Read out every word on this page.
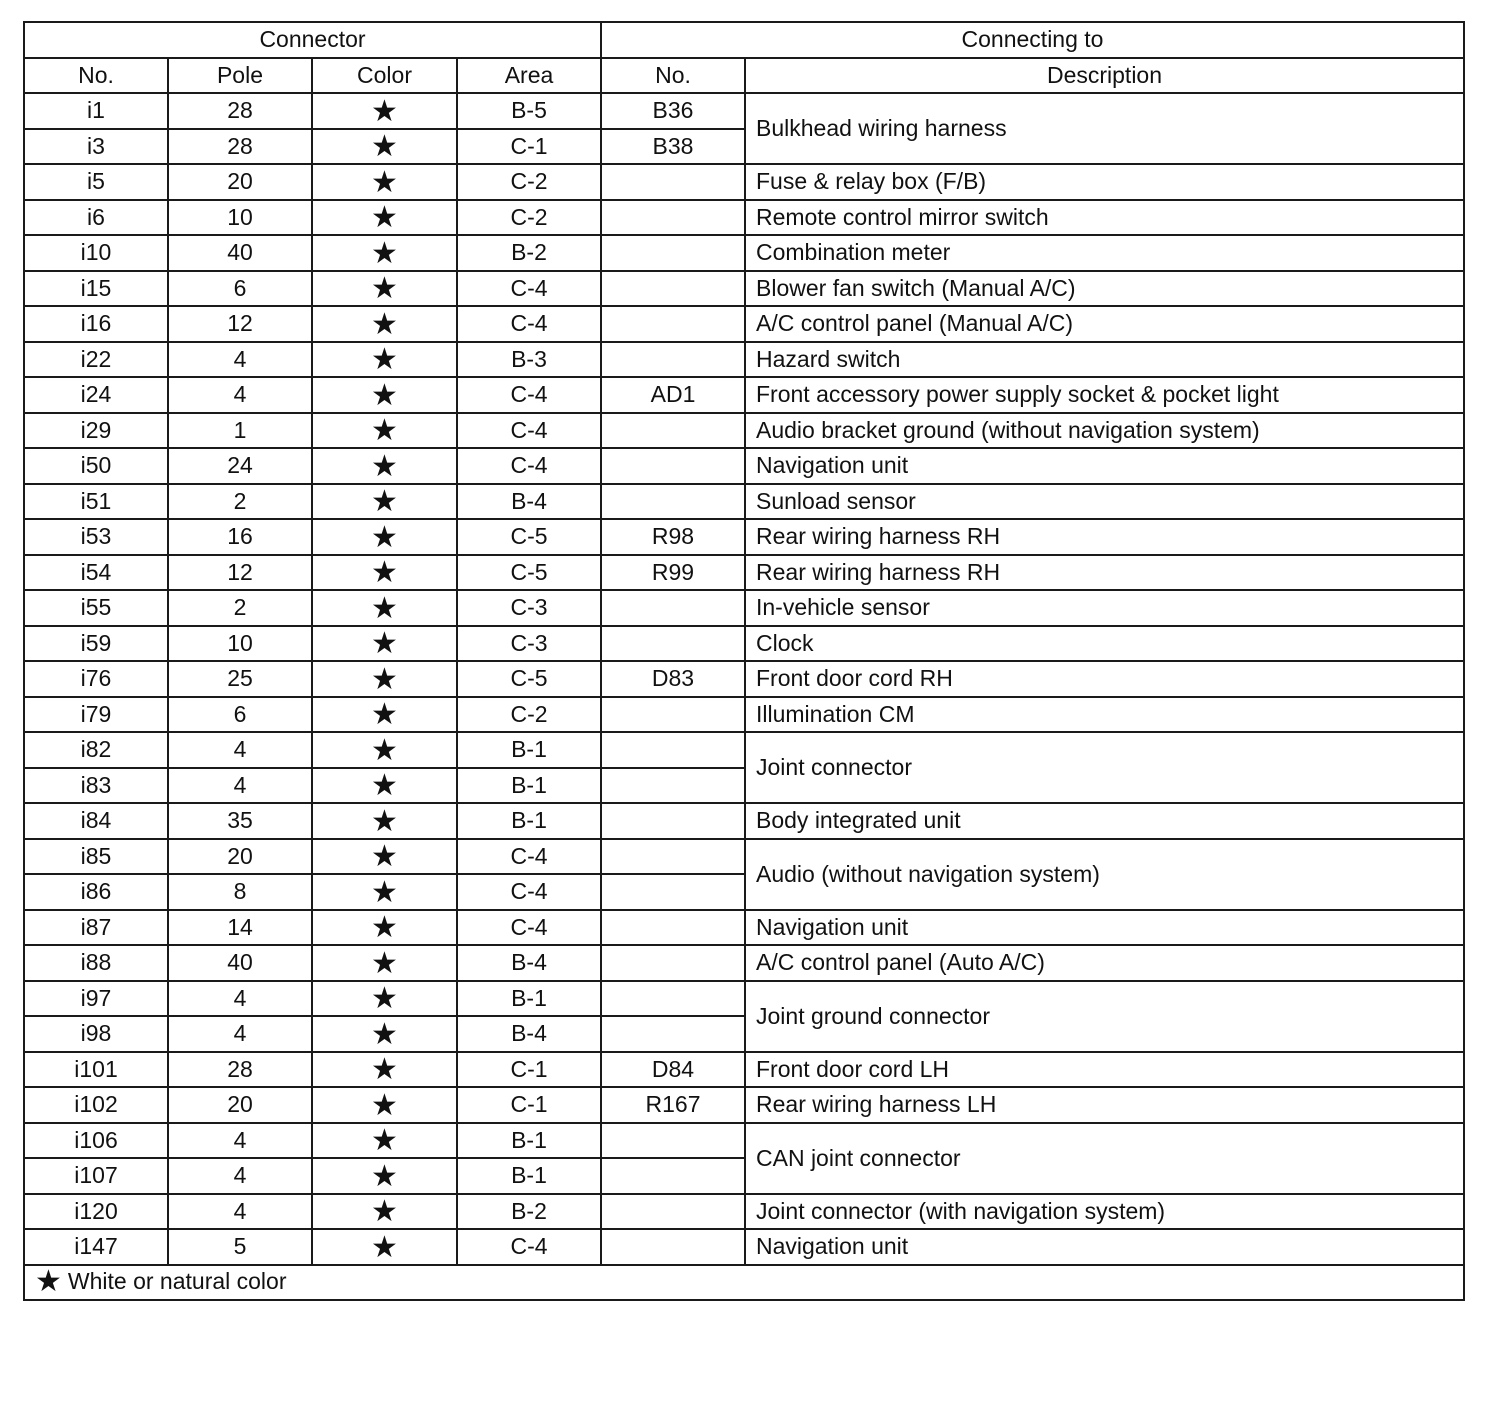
Connector				Connecting to	
No.	Pole	Color	Area	No.	Description
i1	28	★	B-5	B36	Bulkhead wiring harness
i3	28	★	C-1	B38	
i5	20	★	C-2		Fuse & relay box (F/B)
i6	10	★	C-2		Remote control mirror switch
i10	40	★	B-2		Combination meter
i15	6	★	C-4		Blower fan switch (Manual A/C)
i16	12	★	C-4		A/C control panel (Manual A/C)
i22	4	★	B-3		Hazard switch
i24	4	★	C-4	AD1	Front accessory power supply socket & pocket light
i29	1	★	C-4		Audio bracket ground (without navigation system)
i50	24	★	C-4		Navigation unit
i51	2	★	B-4		Sunload sensor
i53	16	★	C-5	R98	Rear wiring harness RH
i54	12	★	C-5	R99	Rear wiring harness RH
i55	2	★	C-3		In-vehicle sensor
i59	10	★	C-3		Clock
i76	25	★	C-5	D83	Front door cord RH
i79	6	★	C-2		Illumination CM
i82	4	★	B-1		Joint connector
i83	4	★	B-1		
i84	35	★	B-1		Body integrated unit
i85	20	★	C-4		Audio (without navigation system)
i86	8	★	C-4		
i87	14	★	C-4		Navigation unit
i88	40	★	B-4		A/C control panel (Auto A/C)
i97	4	★	B-1		Joint ground connector
i98	4	★	B-4		
i101	28	★	C-1	D84	Front door cord LH
i102	20	★	C-1	R167	Rear wiring harness LH
i106	4	★	B-1		CAN joint connector
i107	4	★	B-1		
i120	4	★	B-2		Joint connector (with navigation system)
i147	5	★	C-4		Navigation unit
★ White or natural color					
